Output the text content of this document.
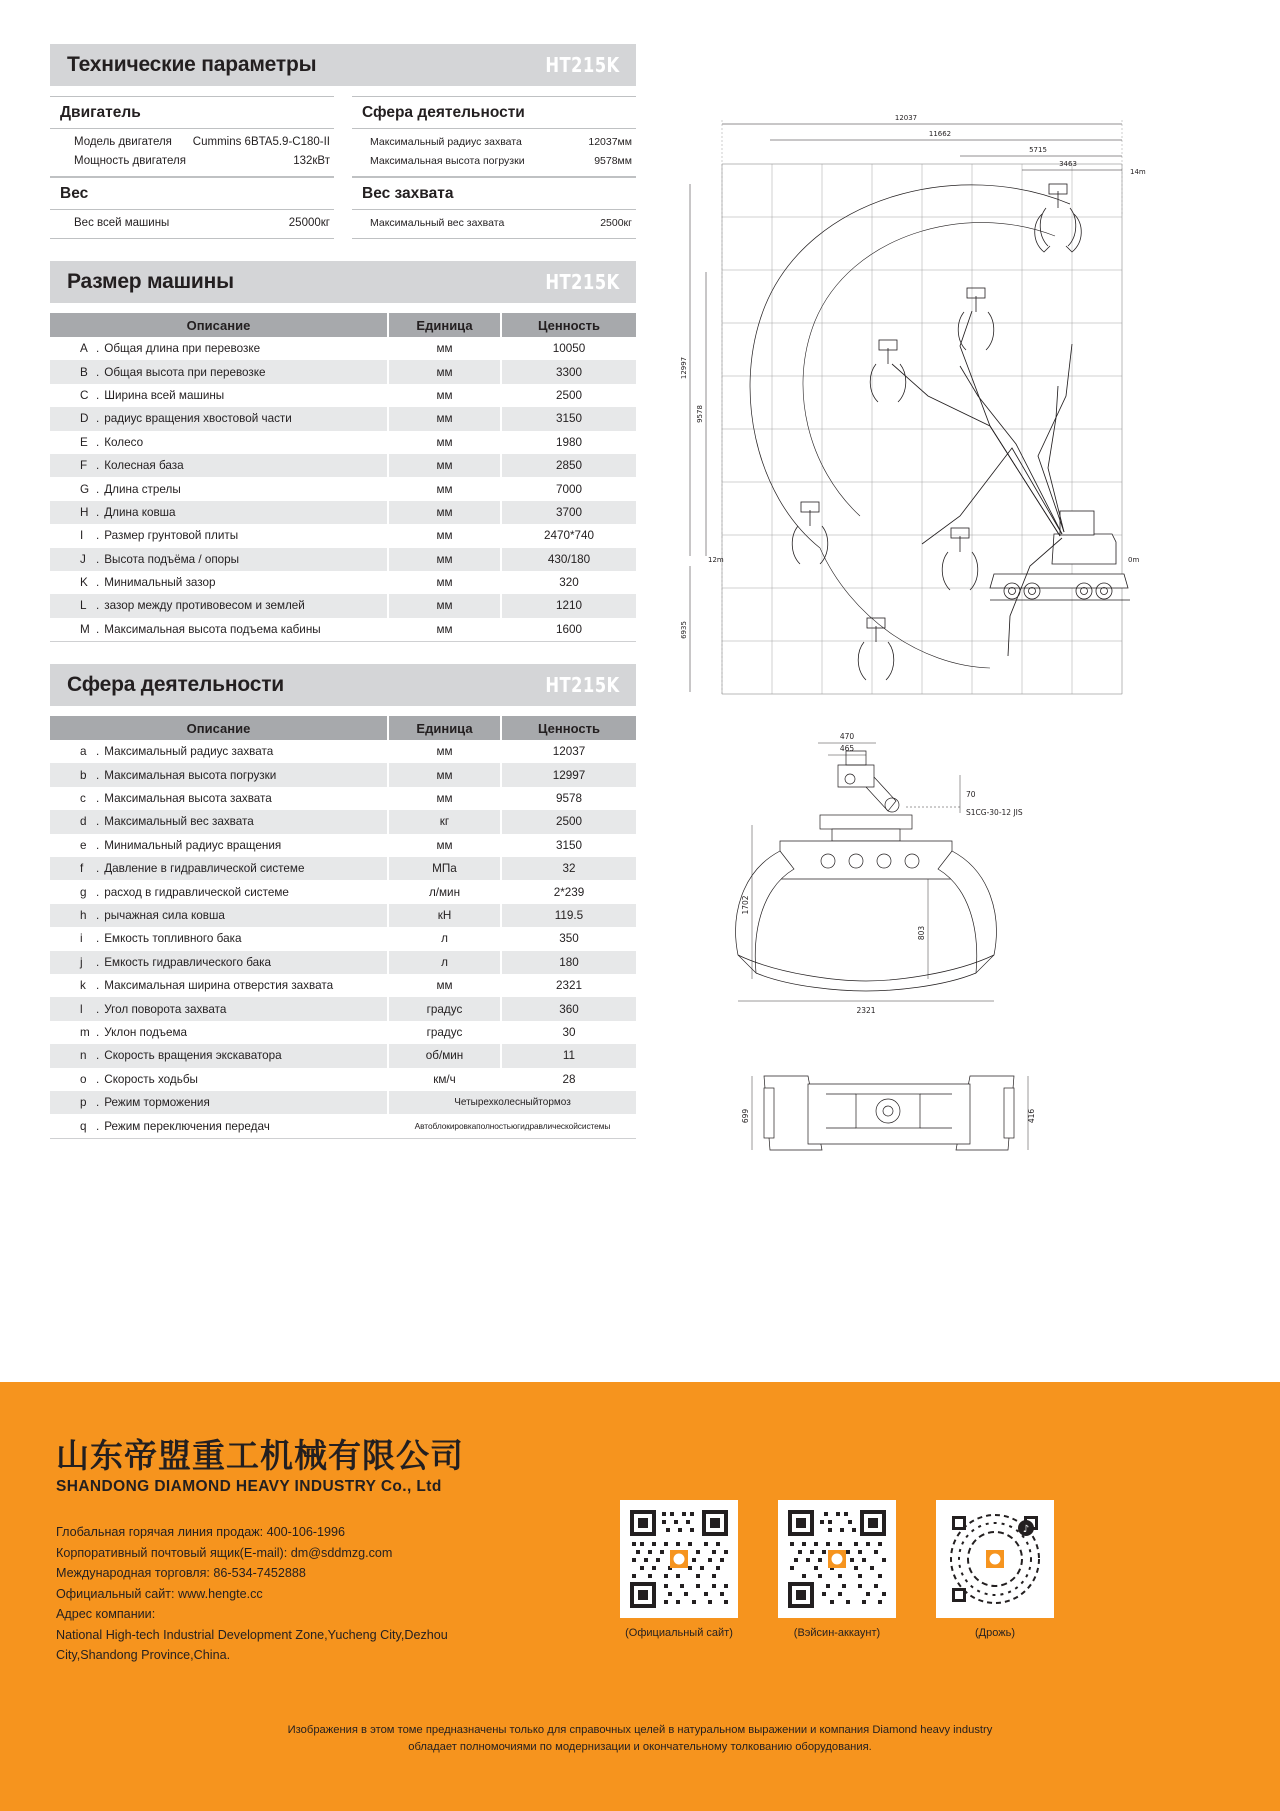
Технические параметры	HT215K
Двигатель
Модель двигателя Cummins 6BTA5.9-C180-II
Мощность двигателя	132кВт
Вес
Вес всей машины	25000кг
Сфера деятельности
Максимальный радиус захвата	12037мм
Максимальная высота погрузки	9578мм
Вес захвата
Максимальный вес захвата	2500кг
Размер машины	HT215K
Описание	Единица	Ценность
A . Общая длина при перевозке	мм	10050
B . Общая высота при перевозке	мм	3300
C . Ширина всей машины	мм	2500
D . радиус вращения хвостовой части	мм	3150
E . Колесо	мм	1980
F . Колесная база	мм	2850
G . Длина стрелы	мм	7000
H . Длина ковша	мм	3700
I . Размер грунтовой плиты	мм	2470*740
J . Высота подъёма / опоры	мм	430/180
K . Минимальный зазор	мм	320
L . зазор между противовесом и землей	мм	1210
M . Максимальная высота подъема кабины	мм	1600
Сфера деятельности	HT215K
Описание	Единица	Ценность
a . Максимальный радиус захвата	мм	12037
b . Максимальная высота погрузки	мм	12997
c . Максимальная высота захвата	мм	9578
d . Максимальный вес захвата	кг	2500
e . Минимальный радиус вращения	мм	3150
f . Давление в гидравлической системе	МПа	32
g . расход в гидравлической системе	л/мин	2*239
h . рычажная сила ковша	кН	119.5
i . Емкость топливного бака	л	350
j . Емкость гидравлического бака	л	180
k . Максимальная ширина отверстия захвата	мм	2321
l . Угол поворота захвата	градус	360
m . Уклон подъема	градус	30
n . Скорость вращения экскаватора	об/мин	11
o . Скорость ходьбы	км/ч	28
p . Режим торможения	Четырехколесныйтормоз	
q . Режим переключения передач	Автоблокировкаполностьюгидравлическойсистемы	
12037
11662
5715
3463
14m
12997
9578
6935
12m	0m
470
465
70
1702
803
2321
S1CG-30-12 JIS
699	416
山东帝盟重工机械有限公司
SHANDONG DIAMOND HEAVY INDUSTRY Co., Ltd
Глобальная горячая линия продаж: 400-106-1996
Корпоративный почтовый ящик(E-mail): dm@sddmzg.com
Международная торговля: 86-534-7452888
Официальный сайт: www.hengte.cc
Адрес компании:
National High-tech Industrial Development Zone,Yucheng City,Dezhou
City,Shandong Province,China.
(Официальный сайт)	(Вэйсин-аккаунт)
♪
(Дрожь)
Изображения в этом томе предназначены только для справочных целей в натуральном выражении и компания Diamond heavy industry
обладает полномочиями по модернизации и окончательному толкованию оборудования.
